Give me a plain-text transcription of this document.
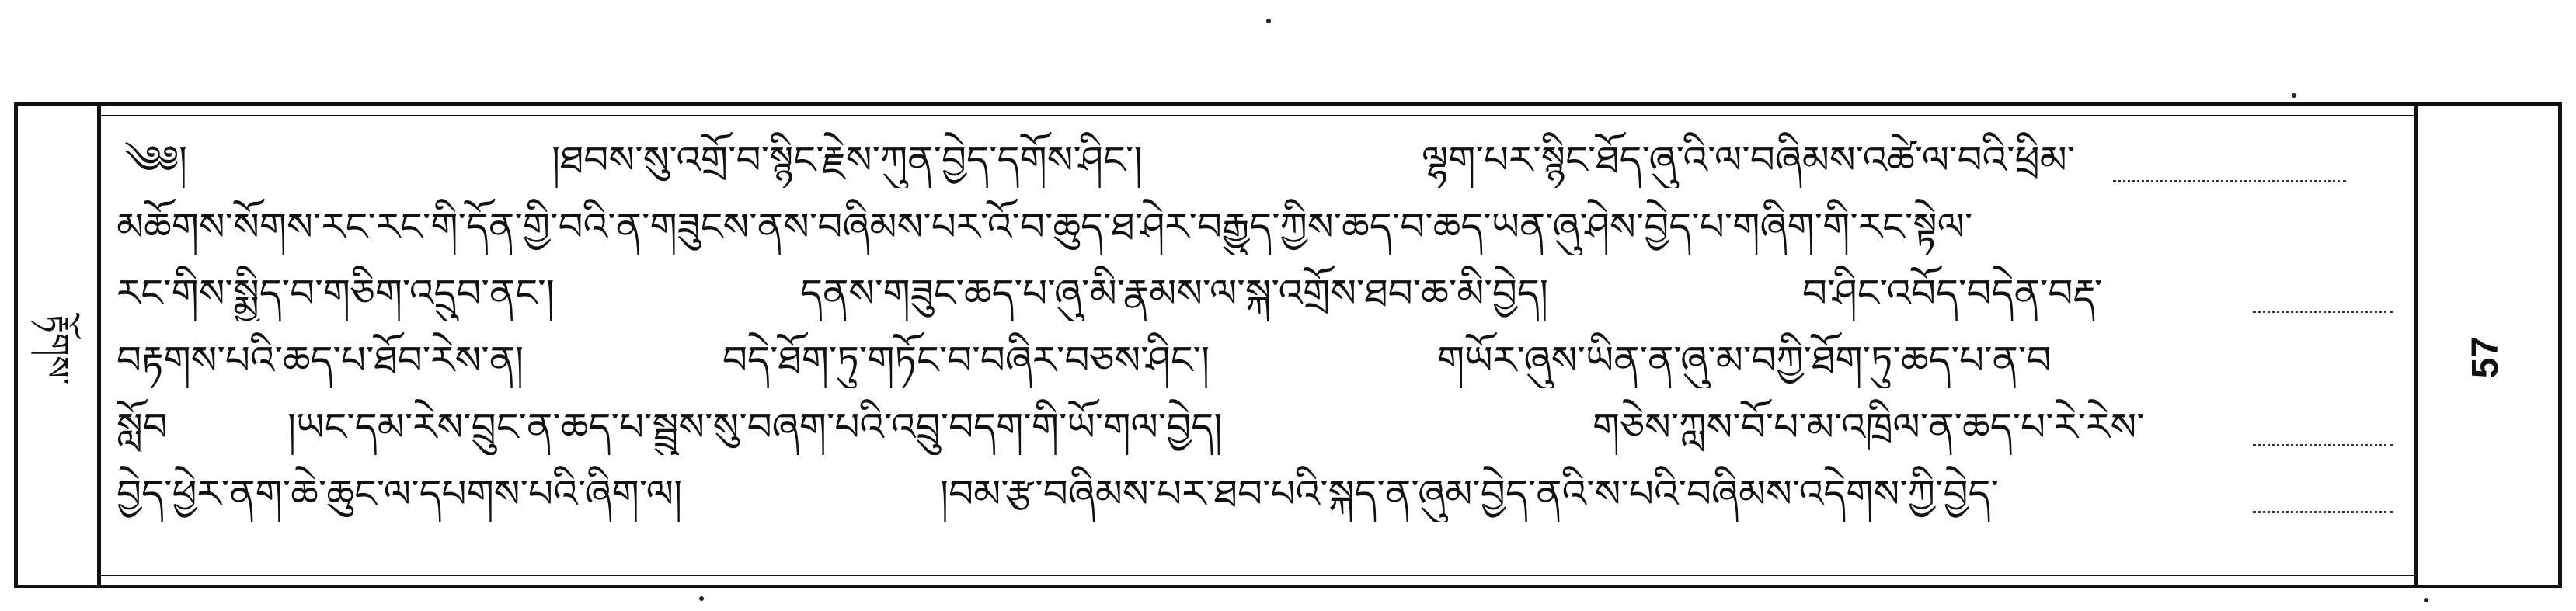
རྟོགས་	57
༄༅།	།ཐབས་སུ་འགྲོ་བ་སྙིང་རྗེས་ཀུན་བྱེད་དགོས་ཤིང་།	ལྷག་པར་སྙིང་ཐོད་ཞུ་འི་ལ་བཞིམས་འཚེ་ལ་བའི་ཕྲིམ་
མཆོགས་སོགས་རང་རང་གི་དོན་གྱི་བའི་ན་གཟུངས་ནས་བཞིམས་པར་འོ་བ་ཆུད་ཐ་ཤེར་བརྒྱུད་ཀྱིས་ཆད་བ་ཆད་ཡན་ཞུ་ཤེས་བྱེད་པ་གཞིག་གི་རང་སྟེལ་
རང་གིས་སྨྱིད་བ་གཅིག་འདྲུབ་ནང་།	དནས་གཟུང་ཆད་པ་ཞུ་མི་རྣམས་ལ་སྐ་འགྲོས་ཐབ་ཆ་མི་བྱེད།	བ་ཤིང་འབོད་བདེན་བརྡ་
བརྟགས་པའི་ཆད་པ་ཐོབ་རེས་ན།	བདེ་ཐོག་ཏུ་གཏོང་བ་བཞིར་བཅས་ཤིང་།	གཡོར་ཞུས་ཡིན་ན་ཞུ་མ་བཀྱི་ཐོག་ཏུ་ཆད་པ་ན་བ
སློབ	།ཡང་དམ་རེས་བྲུང་ན་ཆད་པ་སྦྲུས་སུ་བཞག་པའི་འབྲུ་བདག་གི་ཡོ་གལ་བྱེད།	གཅེས་ཀླས་བོ་པ་མ་འཁྲིལ་ན་ཆད་པ་རེ་རེས་
བྱེད་ཕྱེར་ནག་ཆེ་ཆུང་ལ་དཔགས་པའི་ཞིག་ལ།	།བམ་རྩ་བཞིམས་པར་ཐབ་པའི་སྐད་ན་ཞུམ་བྱེད་ནའི་ས་པའི་བཞིམས་འདེགས་ཀྱི་བྱེད་
